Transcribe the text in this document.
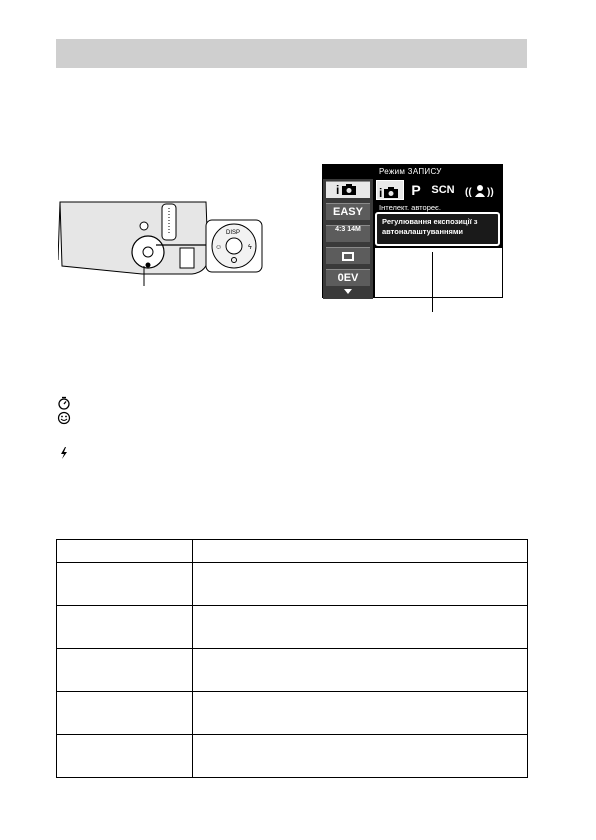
DISP
☺	ϟ
Режим ЗАПИСУ
i
EASY
4:3 14M
0EV
i P SCN	(( ))
Інтелект. автореє.
Регулювання експозиції з автоналаштуваннями
